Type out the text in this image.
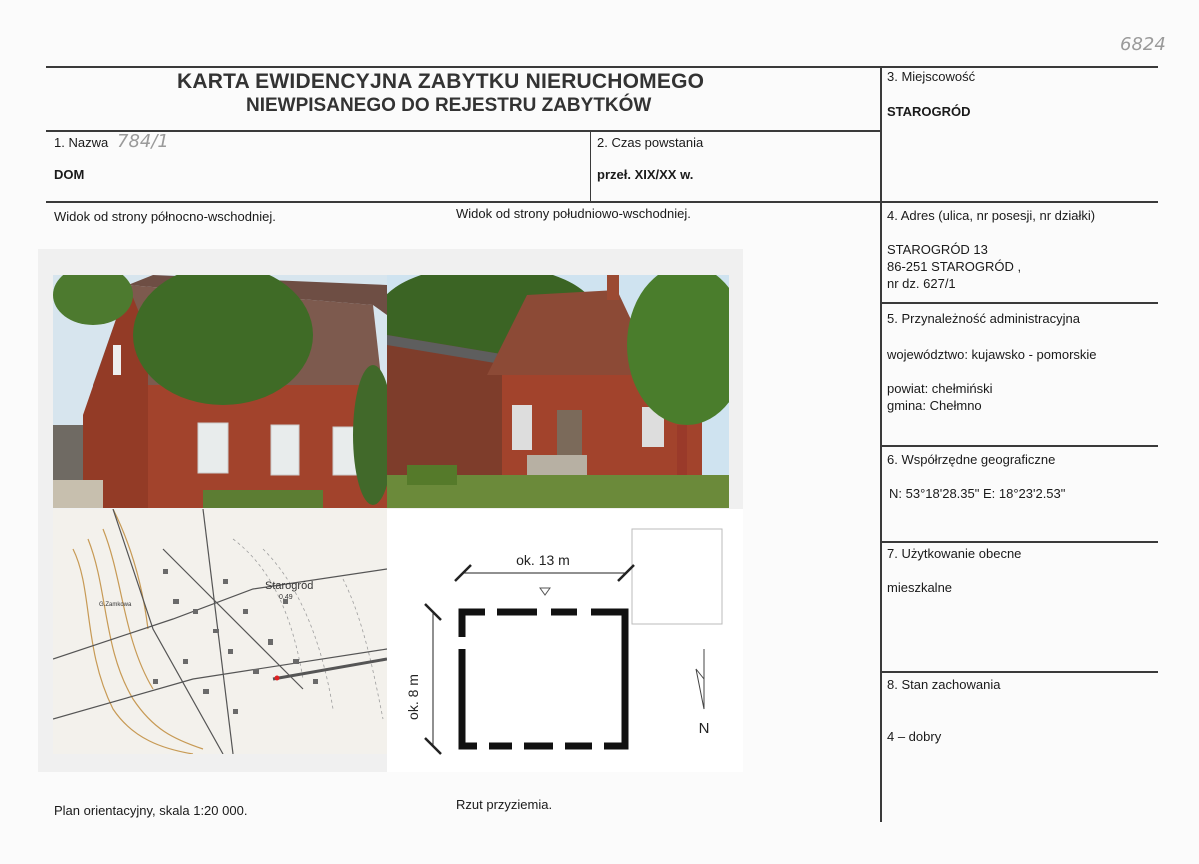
6824
KARTA EWIDENCYJNA ZABYTKU NIERUCHOMEGO
NIEWPISANEGO DO REJESTRU ZABYTKÓW
1. Nazwa 784/1
DOM
2. Czas powstania
przeł. XIX/XX w.
3. Miejscowość
STAROGRÓD
4. Adres (ulica, nr posesji, nr działki)
STAROGRÓD 13
86-251 STAROGRÓD ,
nr dz. 627/1
5. Przynależność administracyjna
województwo: kujawsko - pomorskie
powiat: chełmiński
gmina: Chełmno
6. Współrzędne geograficzne
N: 53°18'28.35" E: 18°23'2.53"
7. Użytkowanie obecne
mieszkalne
8. Stan zachowania
4 – dobry
Widok od strony północno-wschodniej.	Widok od strony południowo-wschodniej.
Plan orientacyjny, skala 1:20 000.	Rzut przyziemia.
Starogród
0.49
G.Zamkowa
ok. 13 m
ok. 8 m
N
